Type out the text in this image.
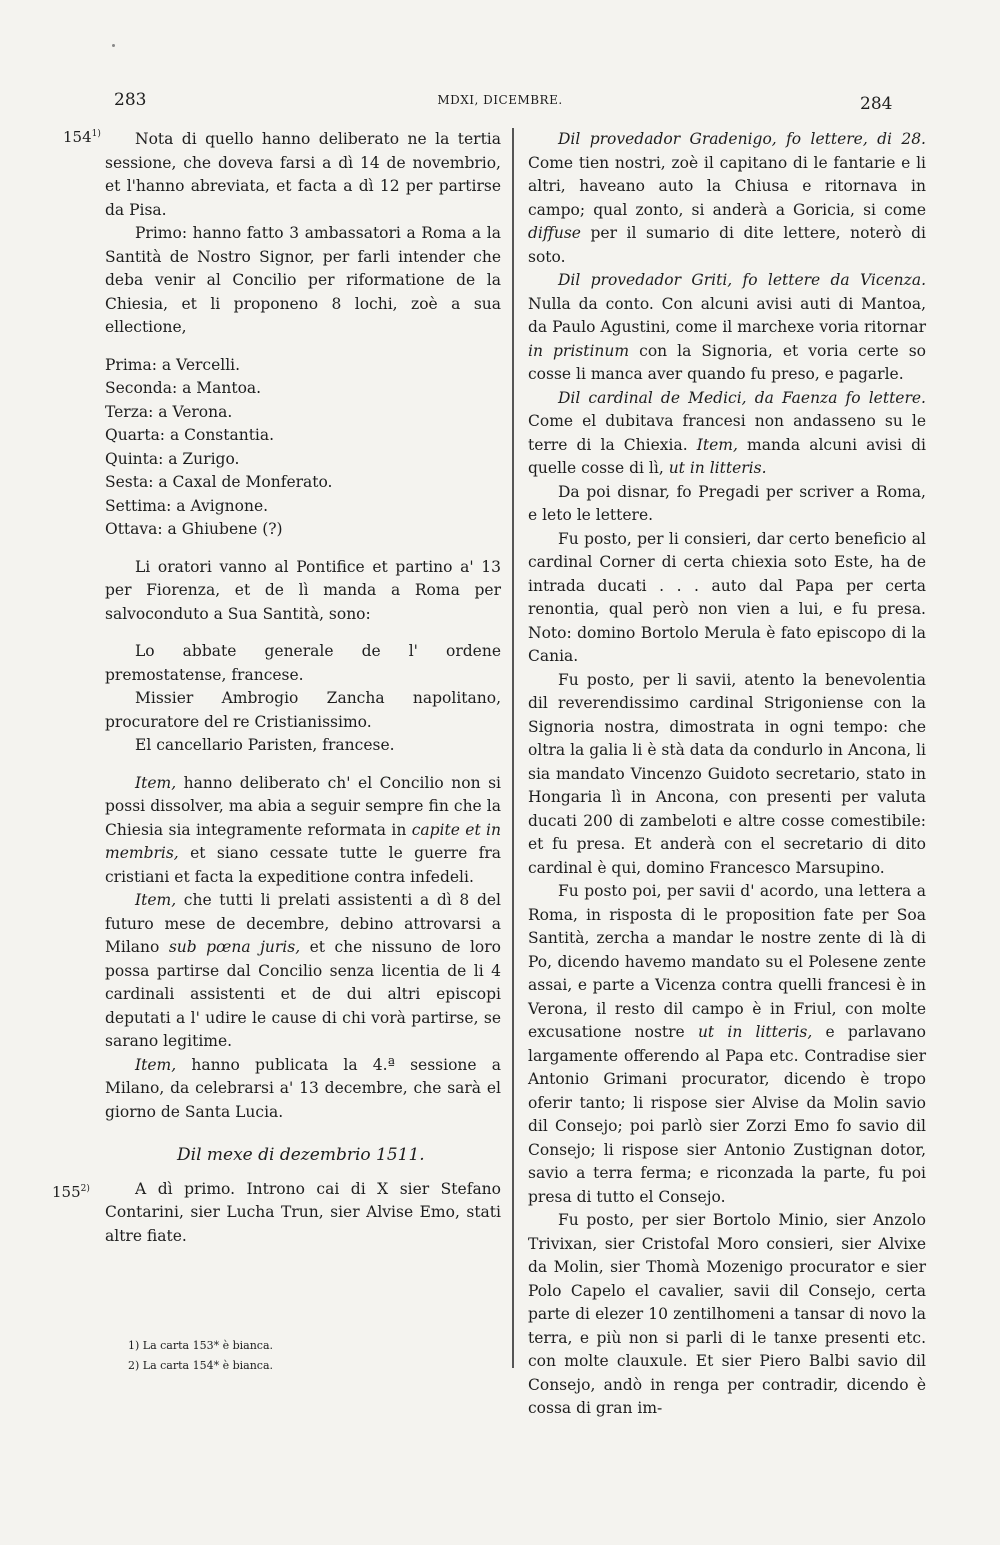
283	MDXI, DICEMBRE.	284
154$^{1)}$
155$^{2)}$

Nota di quello hanno deliberato ne la tertia sessione, che doveva farsi a dì 14 de novembrio, et l'hanno abreviata, et facta a dì 12 per partirse da Pisa.

Primo: hanno fatto 3 ambassatori a Roma a la Santità de Nostro Signor, per farli intender che deba venir al Concilio per riformatione de la Chiesia, et li proponeno 8 lochi, zoè a sua ellectione,

Prima: a Vercelli.

Seconda: a Mantoa.

Terza: a Verona.

Quarta: a Constantia.

Quinta: a Zurigo.

Sesta: a Caxal de Monferato.

Settima: a Avignone.

Ottava: a Ghiubene (?)

Li oratori vanno al Pontifice et partino a' 13 per Fiorenza, et de lì manda a Roma per salvoconduto a Sua Santità, sono:

Lo abbate generale de l' ordene premostatense, francese.

Missier Ambrogio Zancha napolitano, procuratore del re Cristianissimo.

El cancellario Paristen, francese.

Item, hanno deliberato ch' el Concilio non si possi dissolver, ma abia a seguir sempre fin che la Chiesia sia integramente reformata in capite et in membris, et siano cessate tutte le guerre fra cristiani et facta la expeditione contra infedeli.

Item, che tutti li prelati assistenti a dì 8 del futuro mese de decembre, debino attrovarsi a Milano sub pœna juris, et che nissuno de loro possa partirse dal Concilio senza licentia de li 4 cardinali assistenti et de dui altri episcopi deputati a l' udire le cause di chi vorà partirse, se sarano legitime.

Item, hanno publicata la 4.ª sessione a Milano, da celebrarsi a' 13 decembre, che sarà el giorno de Santa Lucia.

Dil mexe di dezembrio 1511.

A dì primo. Introno cai di X sier Stefano Contarini, sier Lucha Trun, sier Alvise Emo, stati altre fiate.

1) La carta 153* è bianca.
2) La carta 154* è bianca.

Dil provedador Gradenigo, fo lettere, di 28. Come tien nostri, zoè il capitano di le fantarie e li altri, haveano auto la Chiusa e ritornava in campo; qual zonto, si anderà a Goricia, si come diffuse per il sumario di dite lettere, noterò di soto.

Dil provedador Griti, fo lettere da Vicenza. Nulla da conto. Con alcuni avisi auti di Mantoa, da Paulo Agustini, come il marchexe voria ritornar in pristinum con la Signoria, et voria certe so cosse li manca aver quando fu preso, e pagarle.

Dil cardinal de Medici, da Faenza fo lettere. Come el dubitava francesi non andasseno su le terre di la Chiexia. Item, manda alcuni avisi di quelle cosse di lì, ut in litteris.

Da poi disnar, fo Pregadi per scriver a Roma, e leto le lettere.

Fu posto, per li consieri, dar certo beneficio al cardinal Corner di certa chiexia soto Este, ha de intrada ducati . . . auto dal Papa per certa renontia, qual però non vien a lui, e fu presa. Noto: domino Bortolo Merula è fato episcopo di la Cania.

Fu posto, per li savii, atento la benevolentia dil reverendissimo cardinal Strigoniense con la Signoria nostra, dimostrata in ogni tempo: che oltra la galia li è stà data da condurlo in Ancona, li sia mandato Vincenzo Guidoto secretario, stato in Hongaria lì in Ancona, con presenti per valuta ducati 200 di zambeloti e altre cosse comestibile: et fu presa. Et anderà con el secretario di dito cardinal è qui, domino Francesco Marsupino.

Fu posto poi, per savii d' acordo, una lettera a Roma, in risposta di le proposition fate per Soa Santità, zercha a mandar le nostre zente di là di Po, dicendo havemo mandato su el Polesene zente assai, e parte a Vicenza contra quelli francesi è in Verona, il resto dil campo è in Friul, con molte excusatione nostre ut in litteris, e parlavano largamente offerendo al Papa etc. Contradise sier Antonio Grimani procurator, dicendo è tropo oferir tanto; li rispose sier Alvise da Molin savio dil Consejo; poi parlò sier Zorzi Emo fo savio dil Consejo; li rispose sier Antonio Zustignan dotor, savio a terra ferma; e riconzada la parte, fu poi presa di tutto el Consejo.

Fu posto, per sier Bortolo Minio, sier Anzolo Trivixan, sier Cristofal Moro consieri, sier Alvixe da Molin, sier Thomà Mozenigo procurator e sier Polo Capelo el cavalier, savii dil Consejo, certa parte di elezer 10 zentilhomeni a tansar di novo la terra, e più non si parli di le tanxe presenti etc. con molte clauxule. Et sier Piero Balbi savio dil Consejo, andò in renga per contradir, dicendo è cossa di gran im-
